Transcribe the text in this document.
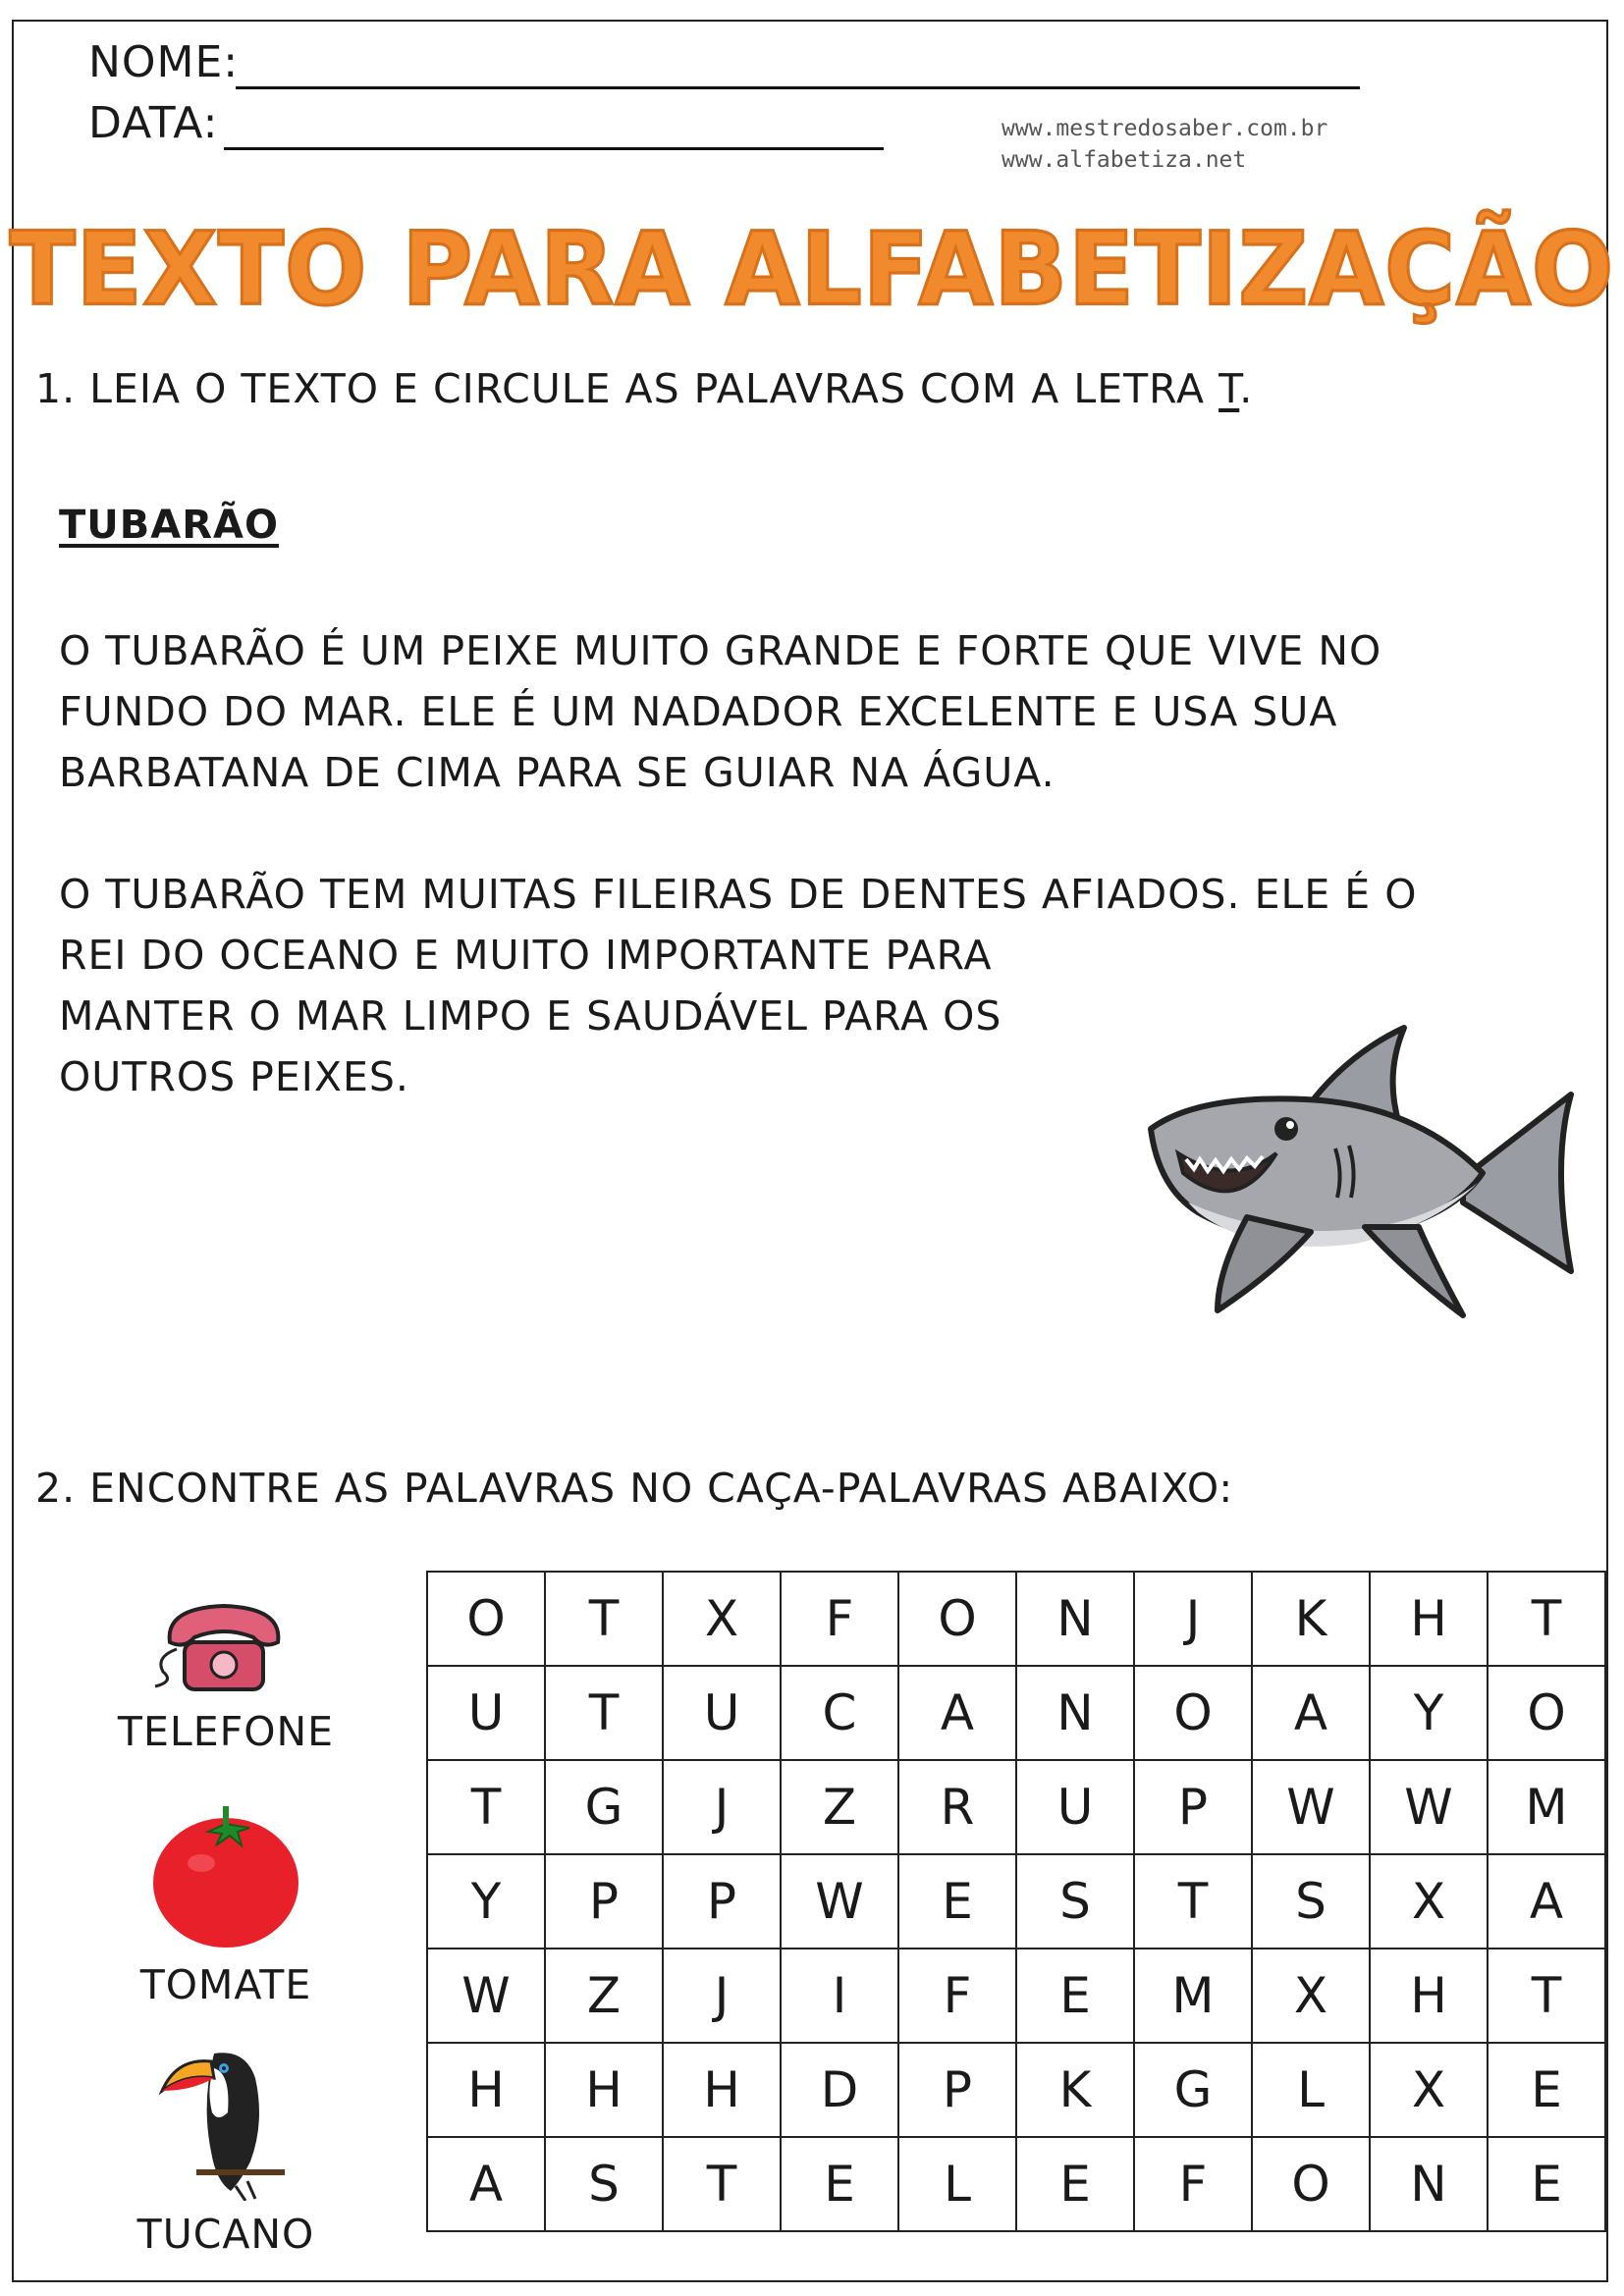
NOME:
DATA:	www.mestredosaber.com.br
www.alfabetiza.net
TEXTO PARA ALFABETIZAÇÃO
1. LEIA O TEXTO E CIRCULE AS PALAVRAS COM A LETRA T.
TUBARÃO
O TUBARÃO É UM PEIXE MUITO GRANDE E FORTE QUE VIVE NO
FUNDO DO MAR. ELE É UM NADADOR EXCELENTE E USA SUA
BARBATANA DE CIMA PARA SE GUIAR NA ÁGUA.
O TUBARÃO TEM MUITAS FILEIRAS DE DENTES AFIADOS. ELE É O
REI DO OCEANO E MUITO IMPORTANTE PARA
MANTER O MAR LIMPO E SAUDÁVEL PARA OS
OUTROS PEIXES.
2. ENCONTRE AS PALAVRAS NO CAÇA-PALAVRAS ABAIXO:
TELEFONE
TOMATE
TUCANO
O	T	X	F	O	N	J	K	H	T
U	T	U	C	A	N	O	A	Y	O
T	G	J	Z	R	U	P	W	W	M
Y	P	P	W	E	S	T	S	X	A
W	Z	J	I	F	E	M	X	H	T
H	H	H	D	P	K	G	L	X	E
A	S	T	E	L	E	F	O	N	E
